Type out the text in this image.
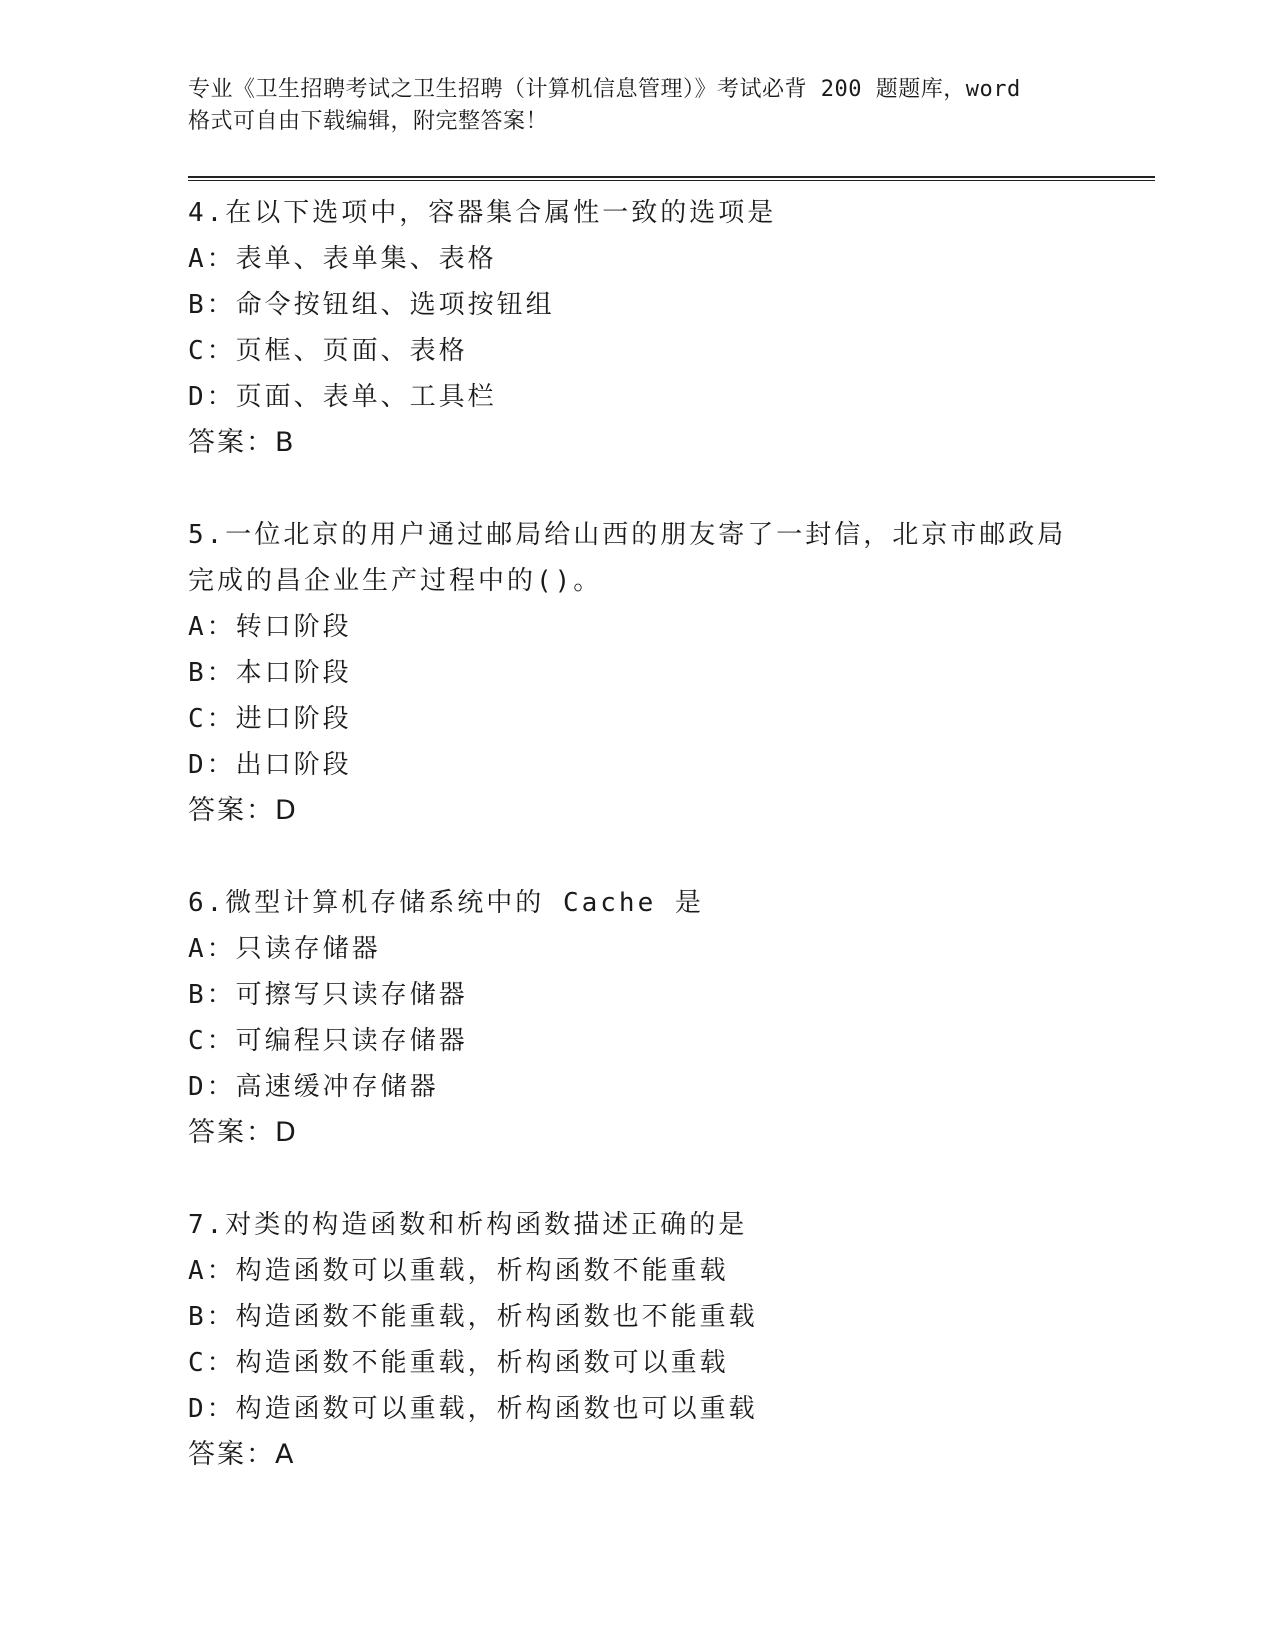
专业《卫生招聘考试之卫生招聘（计算机信息管理）》考试必背 200 题题库，word
格式可自由下载编辑，附完整答案！
4.在以下选项中，容器集合属性一致的选项是
A：表单、表单集、表格
B：命令按钮组、选项按钮组
C：页框、页面、表格
D：页面、表单、工具栏
答案：B
5.一位北京的用户通过邮局给山西的朋友寄了一封信，北京市邮政局
完成的昌企业生产过程中的()。
A：转口阶段
B：本口阶段
C：进口阶段
D：出口阶段
答案：D
6.微型计算机存储系统中的 Cache 是
A：只读存储器
B：可擦写只读存储器
C：可编程只读存储器
D：高速缓冲存储器
答案：D
7.对类的构造函数和析构函数描述正确的是
A：构造函数可以重载，析构函数不能重载
B：构造函数不能重载，析构函数也不能重载
C：构造函数不能重载，析构函数可以重载
D：构造函数可以重载，析构函数也可以重载
答案：A
